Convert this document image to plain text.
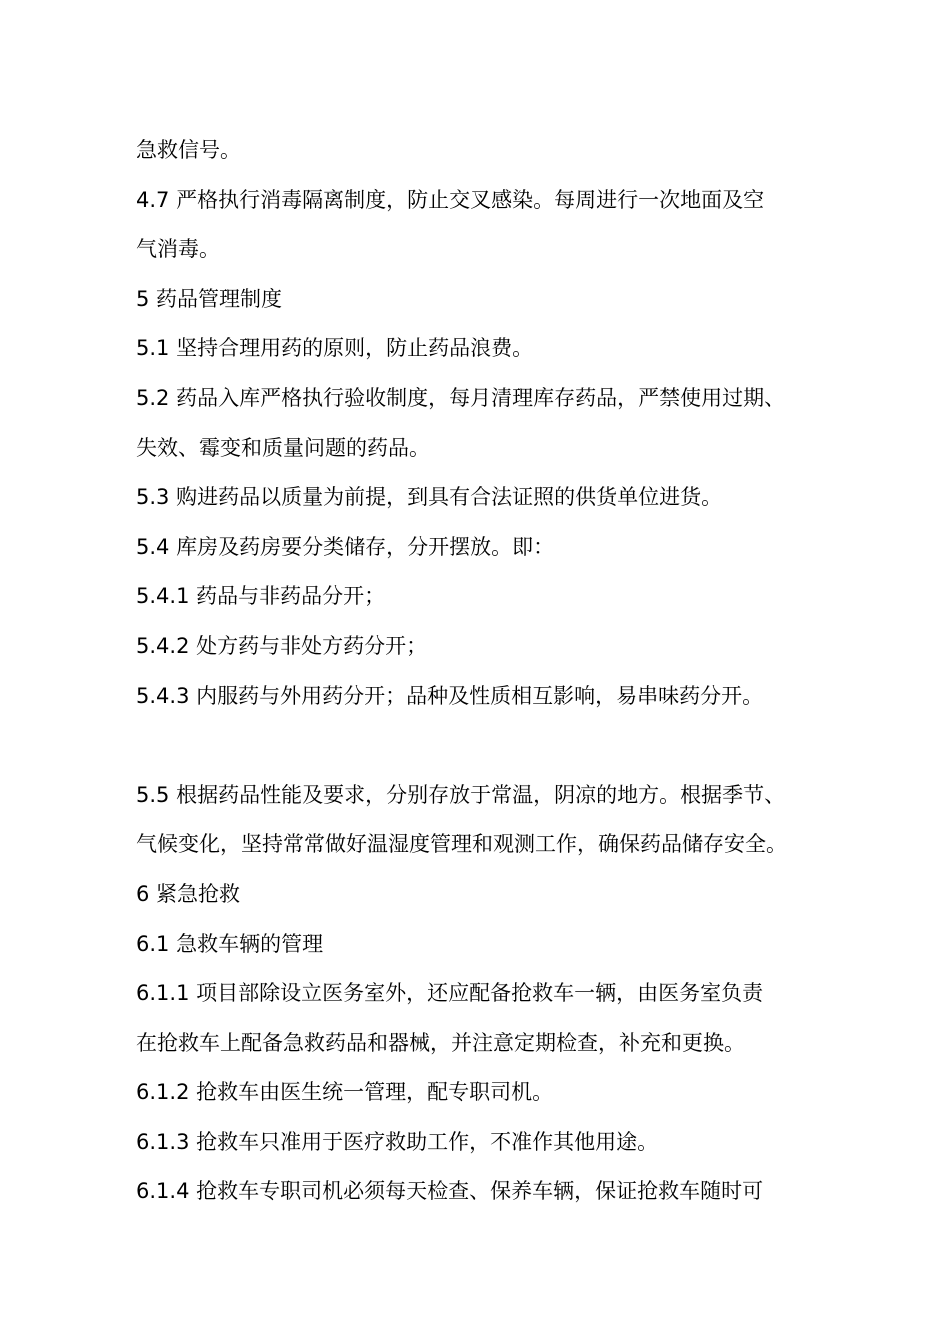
急救信号。
4.7 严格执行消毒隔离制度，防止交叉感染。每周进行一次地面及空
气消毒。
5 药品管理制度
5.1 坚持合理用药的原则，防止药品浪费。
5.2 药品入库严格执行验收制度，每月清理库存药品，严禁使用过期、
失效、霉变和质量问题的药品。
5.3 购进药品以质量为前提，到具有合法证照的供货单位进货。
5.4 库房及药房要分类储存，分开摆放。即：
5.4.1 药品与非药品分开；
5.4.2 处方药与非处方药分开；
5.4.3 内服药与外用药分开；品种及性质相互影响，易串味药分开。
5.5 根据药品性能及要求，分别存放于常温，阴凉的地方。根据季节、
气候变化，坚持常常做好温湿度管理和观测工作，确保药品储存安全。
6 紧急抢救
6.1 急救车辆的管理
6.1.1 项目部除设立医务室外，还应配备抢救车一辆，由医务室负责
在抢救车上配备急救药品和器械，并注意定期检查，补充和更换。
6.1.2 抢救车由医生统一管理，配专职司机。
6.1.3 抢救车只准用于医疗救助工作，不准作其他用途。
6.1.4 抢救车专职司机必须每天检查、保养车辆，保证抢救车随时可
